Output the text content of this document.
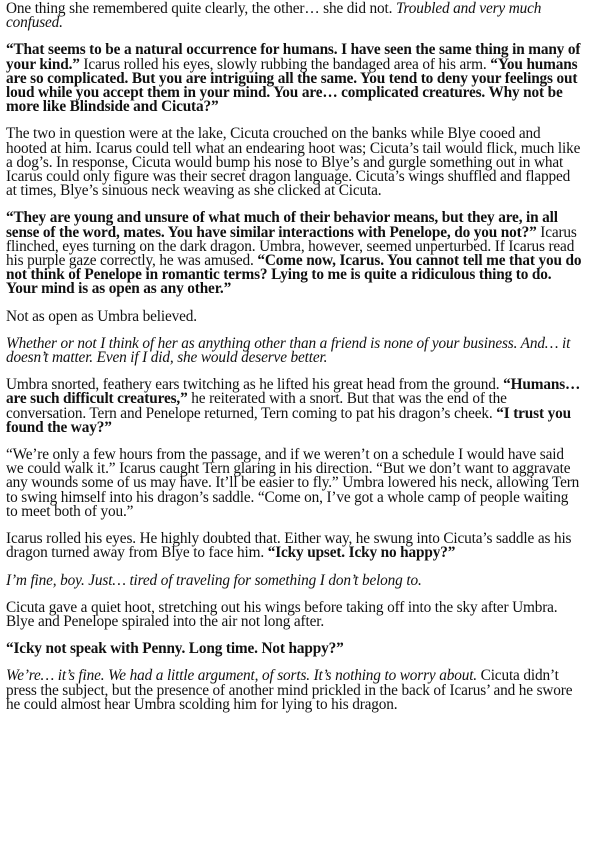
One thing she remembered quite clearly, the other… she did not. Troubled and very much confused.

“That seems to be a natural occurrence for humans. I have seen the same thing in many of your kind.” Icarus rolled his eyes, slowly rubbing the bandaged area of his arm. “You humans are so complicated. But you are intriguing all the same. You tend to deny your feelings out loud while you accept them in your mind. You are… complicated creatures. Why not be more like Blindside and Cicuta?”

The two in question were at the lake, Cicuta crouched on the banks while Blye cooed and hooted at him. Icarus could tell what an endearing hoot was; Cicuta’s tail would flick, much like a dog’s. In response, Cicuta would bump his nose to Blye’s and gurgle something out in what Icarus could only figure was their secret dragon language. Cicuta’s wings shuffled and flapped at times, Blye’s sinuous neck weaving as she clicked at Cicuta.

“They are young and unsure of what much of their behavior means, but they are, in all sense of the word, mates. You have similar interactions with Penelope, do you not?” Icarus flinched, eyes turning on the dark dragon. Umbra, however, seemed unperturbed. If Icarus read his purple gaze correctly, he was amused. “Come now, Icarus. You cannot tell me that you do not think of Penelope in romantic terms? Lying to me is quite a ridiculous thing to do. Your mind is as open as any other.”

Not as open as Umbra believed.

Whether or not I think of her as anything other than a friend is none of your business. And… it doesn’t matter. Even if I did, she would deserve better.

Umbra snorted, feathery ears twitching as he lifted his great head from the ground. “Humans… are such difficult creatures,” he reiterated with a snort. But that was the end of the conversation. Tern and Penelope returned, Tern coming to pat his dragon’s cheek. “I trust you found the way?”

“We’re only a few hours from the passage, and if we weren’t on a schedule I would have said we could walk it.” Icarus caught Tern glaring in his direction. “But we don’t want to aggravate any wounds some of us may have. It’ll be easier to fly.” Umbra lowered his neck, allowing Tern to swing himself into his dragon’s saddle. “Come on, I’ve got a whole camp of people waiting to meet both of you.”

Icarus rolled his eyes. He highly doubted that. Either way, he swung into Cicuta’s saddle as his dragon turned away from Blye to face him. “Icky upset. Icky no happy?”

I’m fine, boy. Just… tired of traveling for something I don’t belong to.

Cicuta gave a quiet hoot, stretching out his wings before taking off into the sky after Umbra. Blye and Penelope spiraled into the air not long after.

“Icky not speak with Penny. Long time. Not happy?”

We’re… it’s fine. We had a little argument, of sorts. It’s nothing to worry about. Cicuta didn’t press the subject, but the presence of another mind prickled in the back of Icarus’ and he swore he could almost hear Umbra scolding him for lying to his dragon.
